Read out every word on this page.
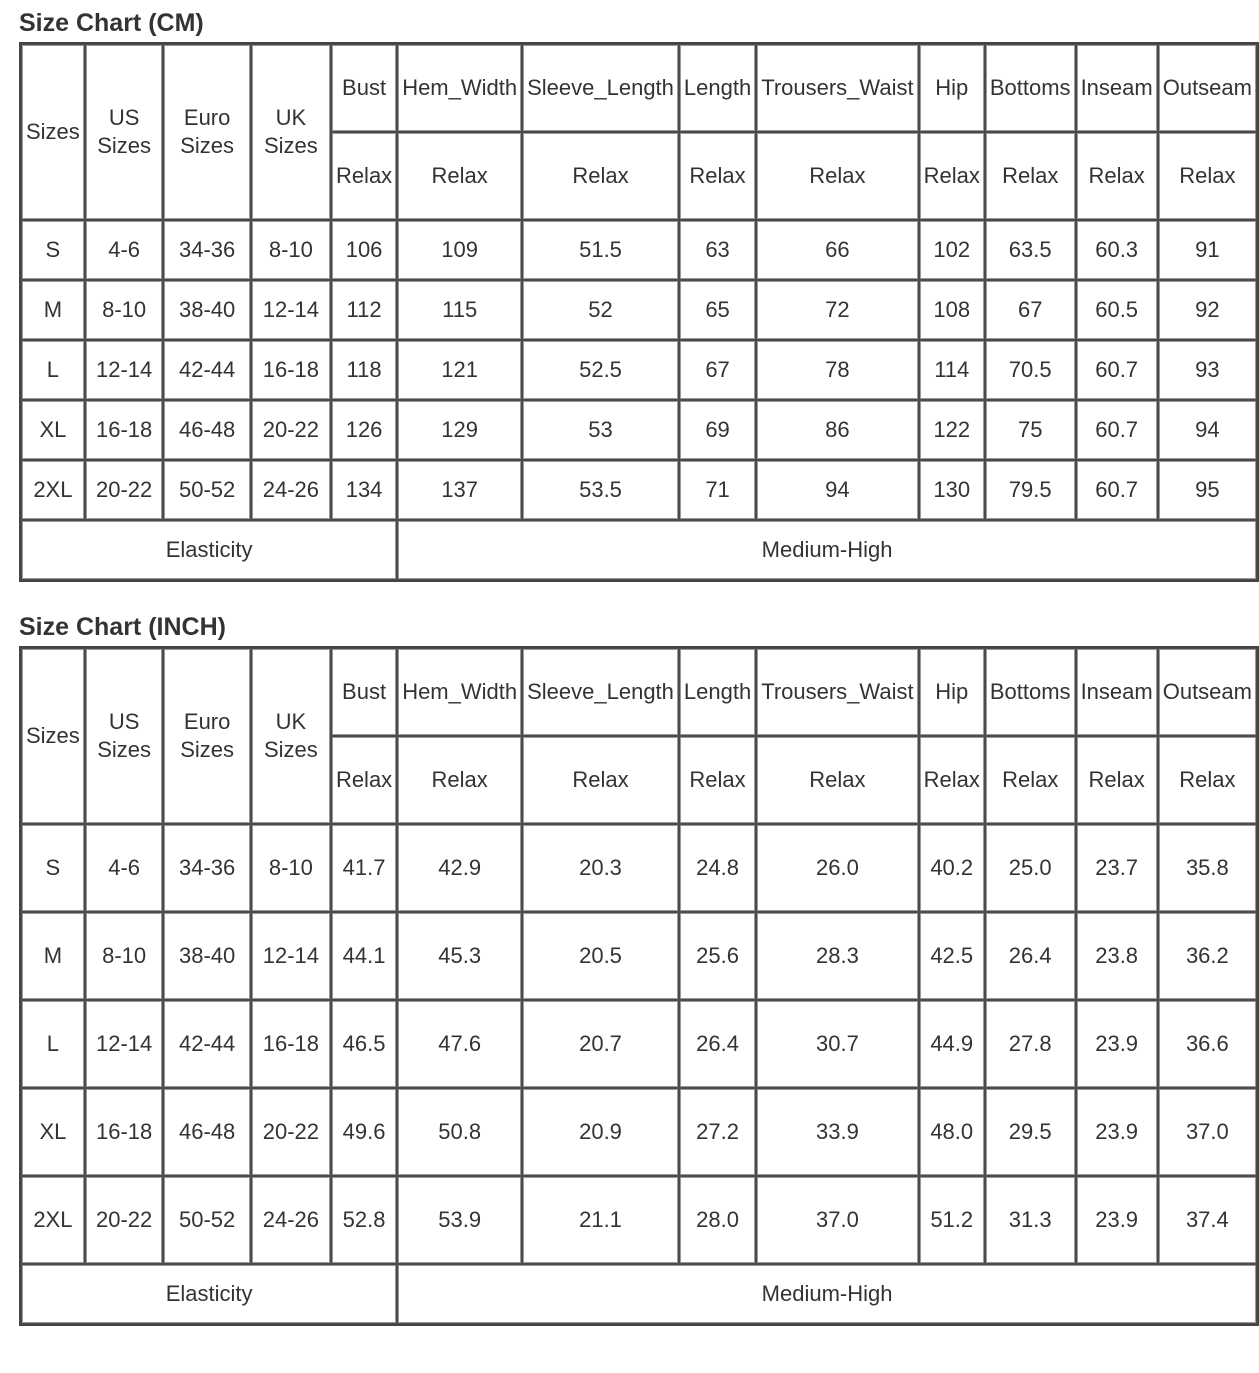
Size Chart (CM)
Sizes	US Sizes	Euro Sizes	UK Sizes	Bust	Hem_Width	Sleeve_Length	Length	Trousers_Waist	Hip	Bottoms	Inseam	Outseam
				Relax	Relax	Relax	Relax	Relax	Relax	Relax	Relax	Relax
S	4-6	34-36	8-10	106	109	51.5	63	66	102	63.5	60.3	91
M	8-10	38-40	12-14	112	115	52	65	72	108	67	60.5	92
L	12-14	42-44	16-18	118	121	52.5	67	78	114	70.5	60.7	93
XL	16-18	46-48	20-22	126	129	53	69	86	122	75	60.7	94
2XL	20-22	50-52	24-26	134	137	53.5	71	94	130	79.5	60.7	95
Elasticity					Medium-High							
Size Chart (INCH)
Sizes	US Sizes	Euro Sizes	UK Sizes	Bust	Hem_Width	Sleeve_Length	Length	Trousers_Waist	Hip	Bottoms	Inseam	Outseam
				Relax	Relax	Relax	Relax	Relax	Relax	Relax	Relax	Relax
S	4-6	34-36	8-10	41.7	42.9	20.3	24.8	26.0	40.2	25.0	23.7	35.8
M	8-10	38-40	12-14	44.1	45.3	20.5	25.6	28.3	42.5	26.4	23.8	36.2
L	12-14	42-44	16-18	46.5	47.6	20.7	26.4	30.7	44.9	27.8	23.9	36.6
XL	16-18	46-48	20-22	49.6	50.8	20.9	27.2	33.9	48.0	29.5	23.9	37.0
2XL	20-22	50-52	24-26	52.8	53.9	21.1	28.0	37.0	51.2	31.3	23.9	37.4
Elasticity					Medium-High							
